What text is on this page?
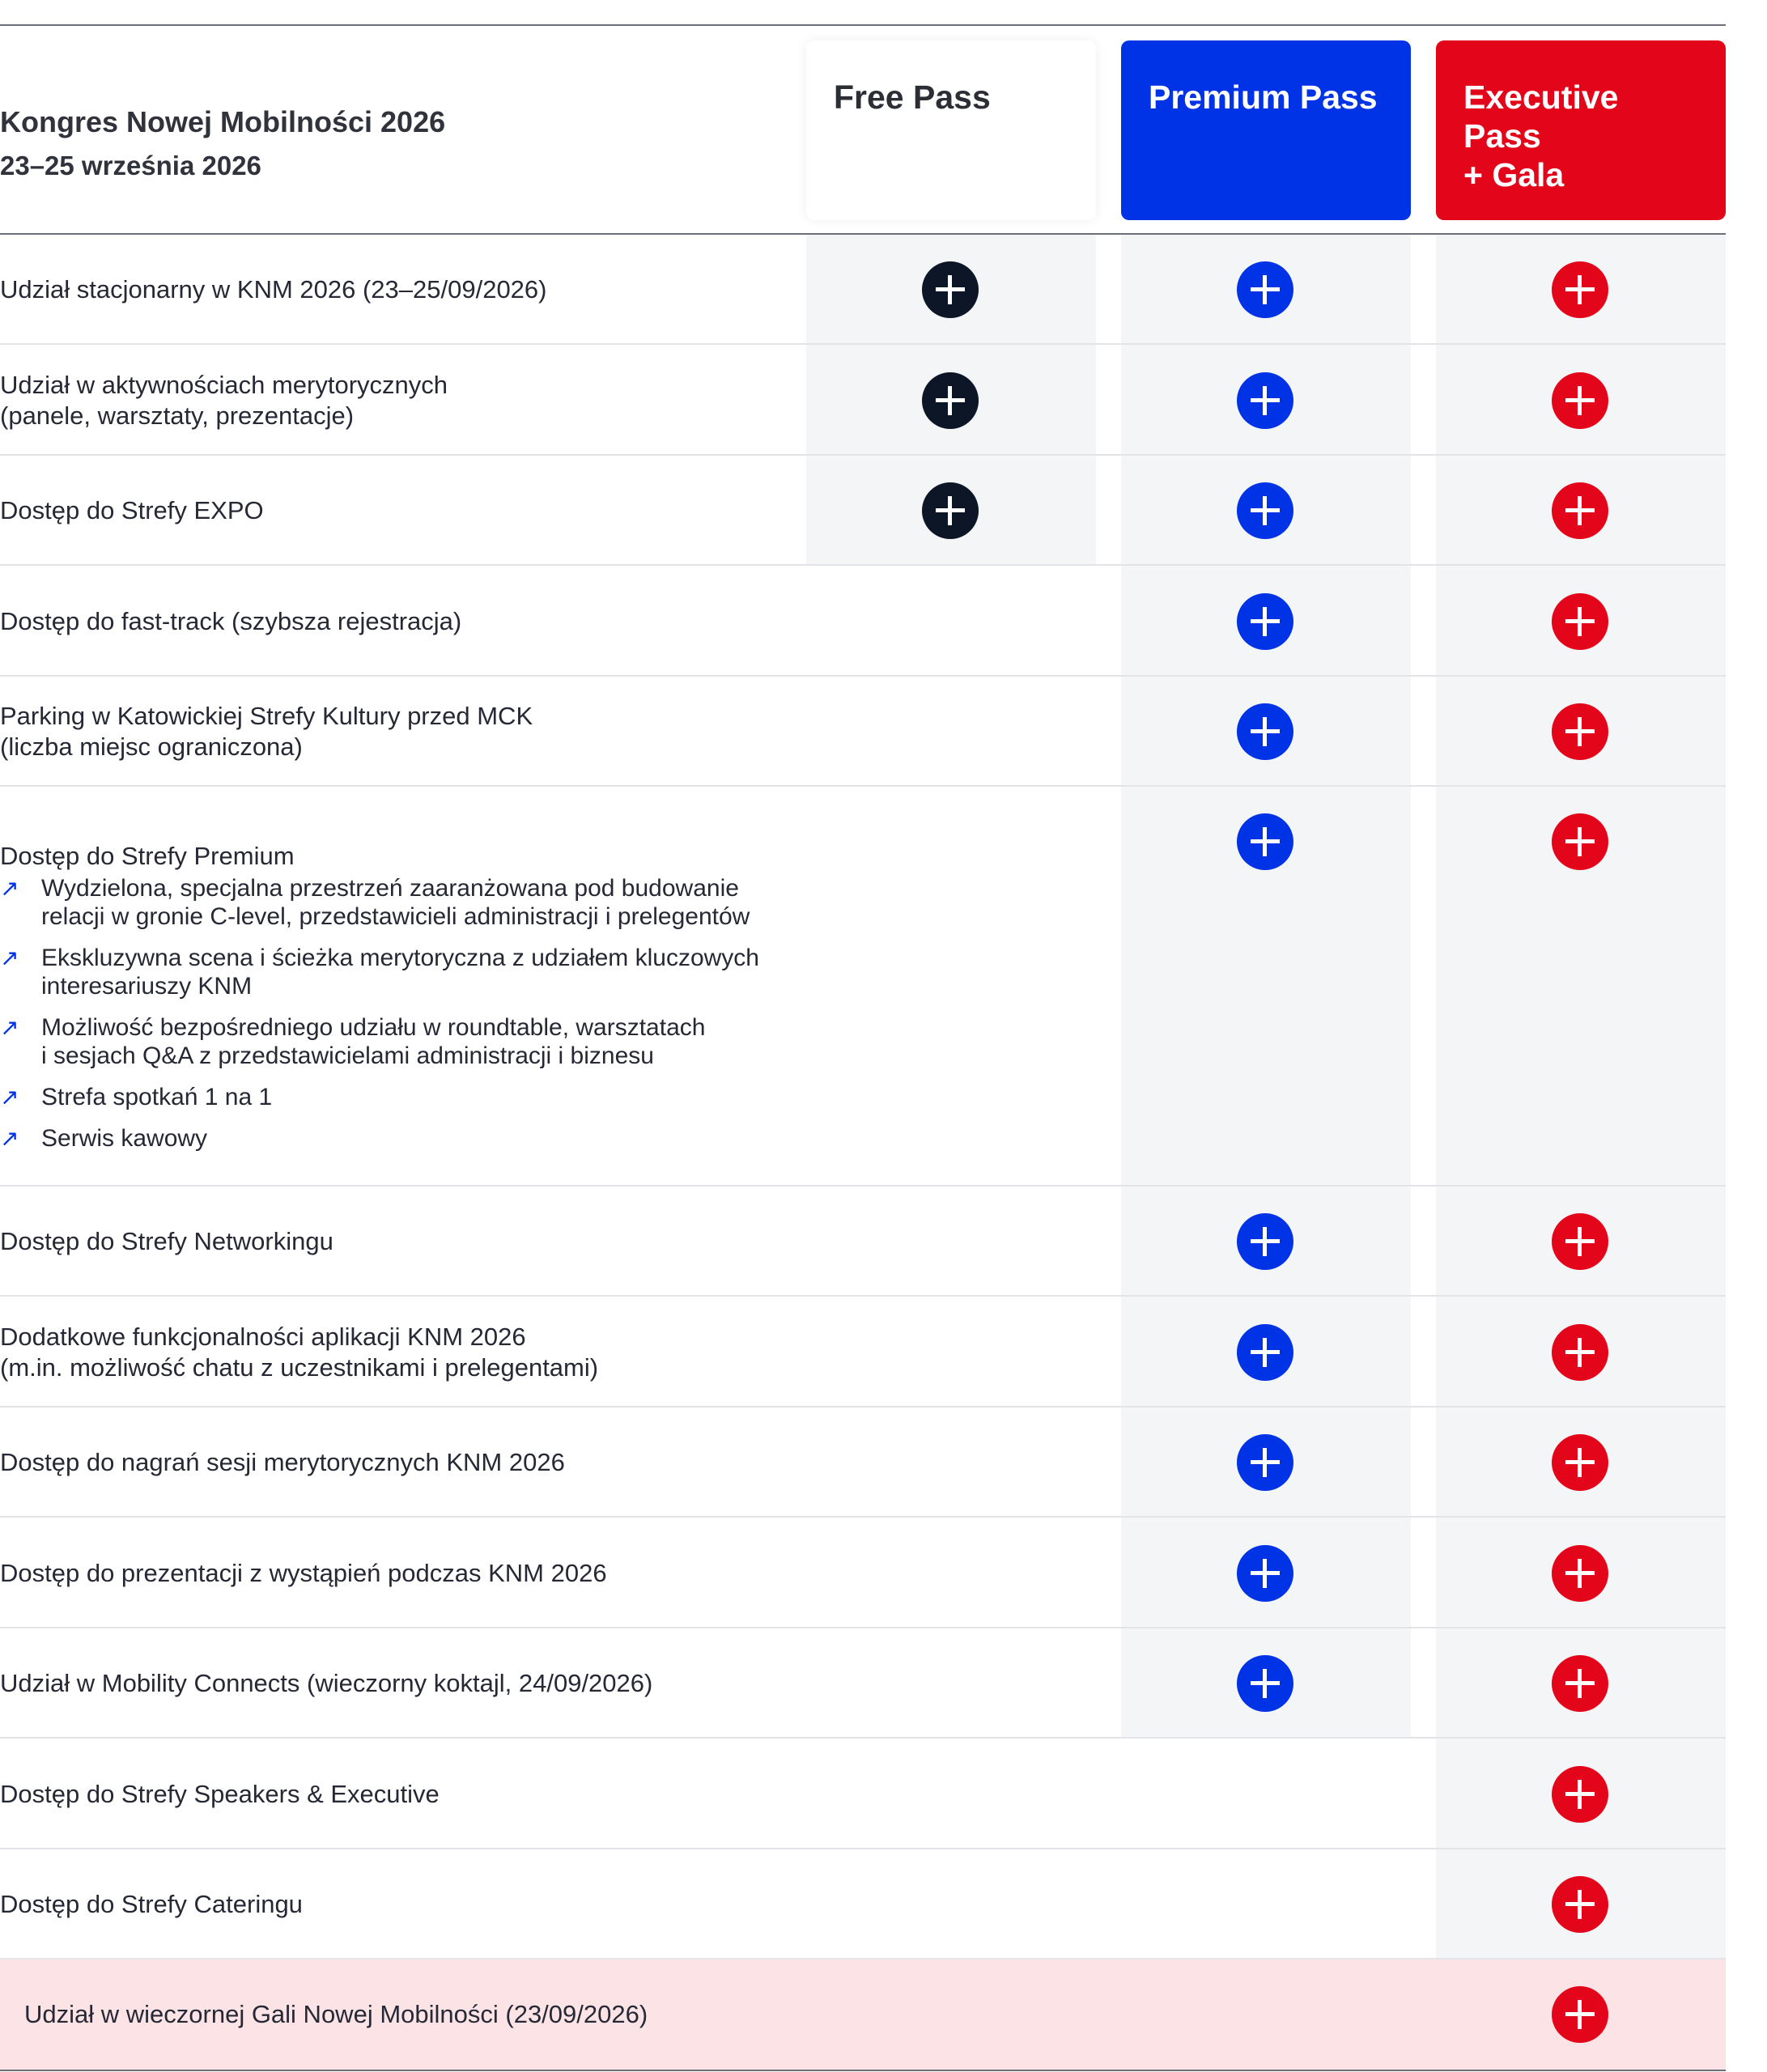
Kongres Nowej Mobilności 2026
23–25 września 2026
Free Pass	Premium Pass	Executive Pass
+ Gala
Udział stacjonarny w KNM 2026 (23–25/09/2026)
Udział w aktywnościach merytorycznych
(panele, warsztaty, prezentacje)
Dostęp do Strefy EXPO
Dostęp do fast-track (szybsza rejestracja)
Parking w Katowickiej Strefy Kultury przed MCK
(liczba miejsc ograniczona)
Dostęp do Strefy Networkingu
Dodatkowe funkcjonalności aplikacji KNM 2026
(m.in. możliwość chatu z uczestnikami i prelegentami)
Dostęp do nagrań sesji merytorycznych KNM 2026
Dostęp do prezentacji z wystąpień podczas KNM 2026
Udział w Mobility Connects (wieczorny koktajl, 24/09/2026)
Dostęp do Strefy Speakers & Executive
Dostęp do Strefy Cateringu
Udział w wieczornej Gali Nowej Mobilności (23/09/2026)
↗ Wydzielona, specjalna przestrzeń zaaranżowana pod budowanie
relacji w gronie C-level, przedstawicieli administracji i prelegentów
↗ Ekskluzywna scena i ścieżka merytoryczna z udziałem kluczowych
interesariuszy KNM
↗ Możliwość bezpośredniego udziału w roundtable, warsztatach
i sesjach Q&A z przedstawicielami administracji i biznesu
↗ Strefa spotkań 1 na 1
↗ Serwis kawowy
Dostęp do Strefy Premium
